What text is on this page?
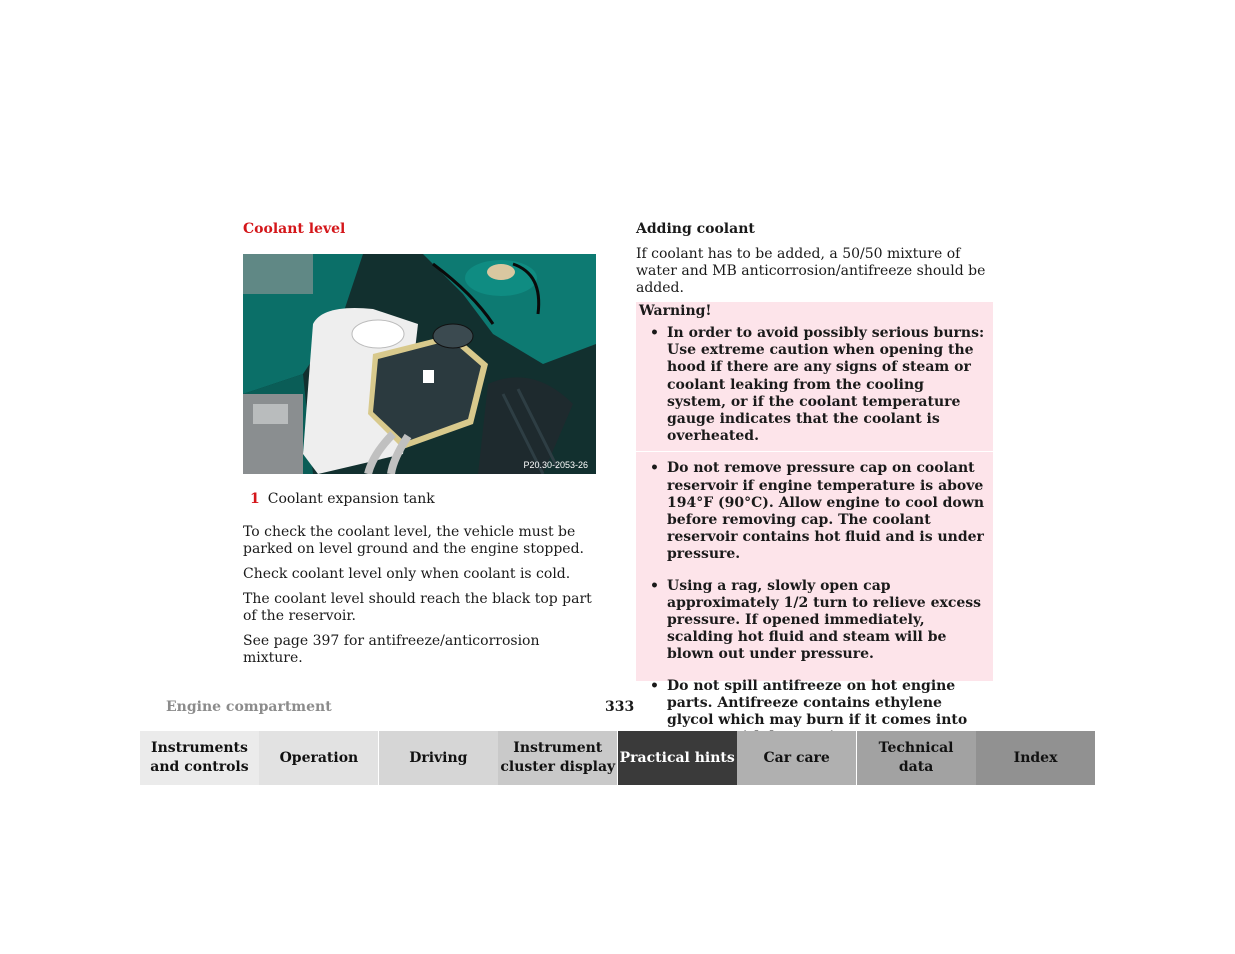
Coolant level
P20.30-2053-26
1 Coolant expansion tank

To check the coolant level, the vehicle must be parked on level ground and the engine stopped.

Check coolant level only when coolant is cold.

The coolant level should reach the black top part of the reservoir.

See page 397 for antifreeze/anticorrosion mixture.

Adding coolant

If coolant has to be added, a 50/50 mixture of water and MB anticorrosion/antifreeze should be added.

Warning!
• In order to avoid possibly serious burns: Use extreme caution when opening the hood if there are any signs of steam or coolant leaking from the cooling system, or if the coolant temperature gauge indicates that the coolant is overheated.
• Do not remove pressure cap on coolant reservoir if engine temperature is above 194°F (90°C). Allow engine to cool down before removing cap. The coolant reservoir contains hot fluid and is under pressure.
• Using a rag, slowly open cap approximately 1/2 turn to relieve excess pressure. If opened immediately, scalding hot fluid and steam will be blown out under pressure.
• Do not spill antifreeze on hot engine parts. Antifreeze contains ethylene glycol which may burn if it comes into
Engine compartment	333
Instruments
and controls
Operation	Driving
Instrument
cluster display
Practical hints Car care
Technical
data
Index
